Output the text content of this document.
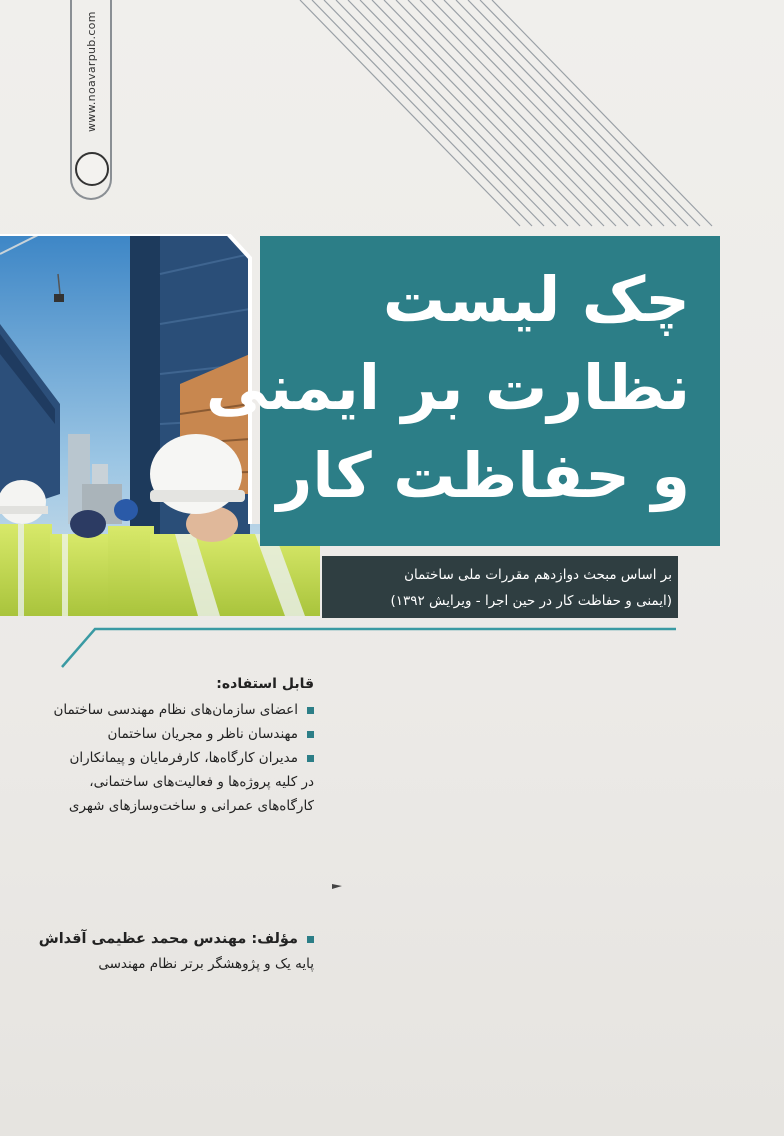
www.noavarpub.com
چک لیست
نظارت بر ایمنی
و حفاظت کار
بر اساس مبحث دوازدهم مقررات ملی ساختمان
(ایمنی و حفاظت کار در حین اجرا - ویرایش ۱۳۹۲)
قابل استفاده:
اعضای سازمان‌های نظام مهندسی ساختمان
مهندسان ناظر و مجریان ساختمان
مدیران کارگاه‌ها، کارفرمایان و پیمانکاران
در کلیه پروژه‌ها و فعالیت‌های ساختمانی،
کارگاه‌های عمرانی و ساخت‌وسازهای شهری
مؤلف: مهندس محمد عظیمی آقداش
پایه یک و پژوهشگر برتر نظام مهندسی
